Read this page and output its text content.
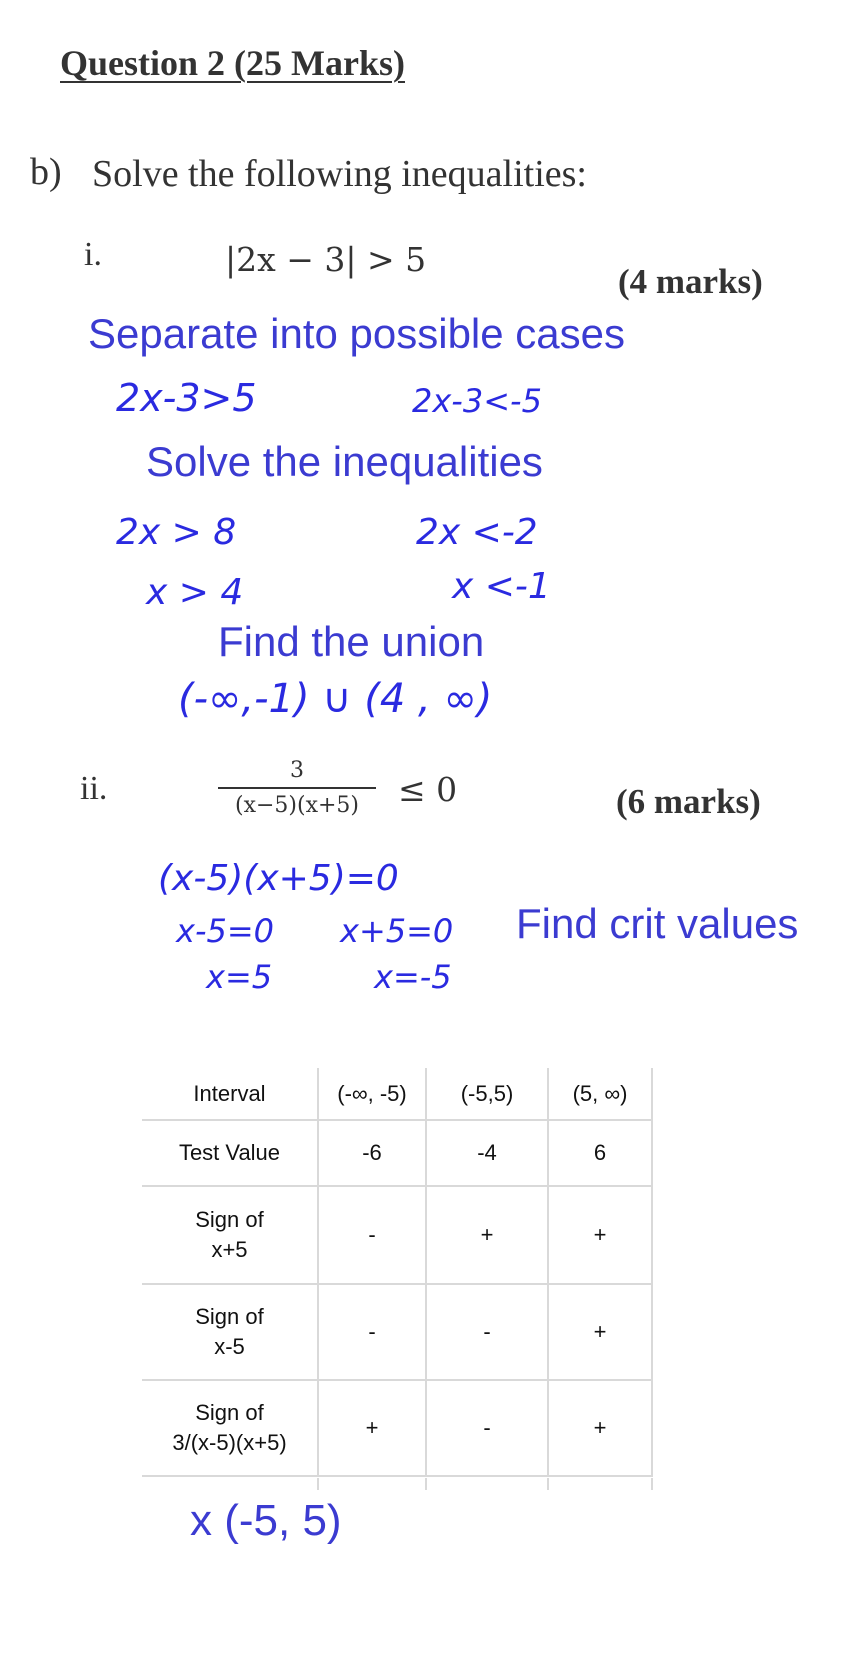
Question 2 (25 Marks)
b) Solve the following inequalities:
i.	|2x − 3| > 5
(4 marks)
Separate into possible cases
2x-3>5	2x-3<-5
Solve the inequalities
2x > 8	2x <-2
x > 4	x <-1
Find the union
(-∞,-1) ∪ (4 , ∞)
ii.	3
(x−5)(x+5)	≤ 0	(6 marks)
(x-5)(x+5)=0
x-5=0 x+5=0
x=5	x=-5
Find crit values
Interval	(-∞, -5)	(-5,5)	(5, ∞)
Test Value	-6	-4	6
Sign of
x+5	-	+	+
Sign of
x-5	-	-	+
Sign of
3/(x-5)(x+5)	+	-	+
x (-5, 5)
